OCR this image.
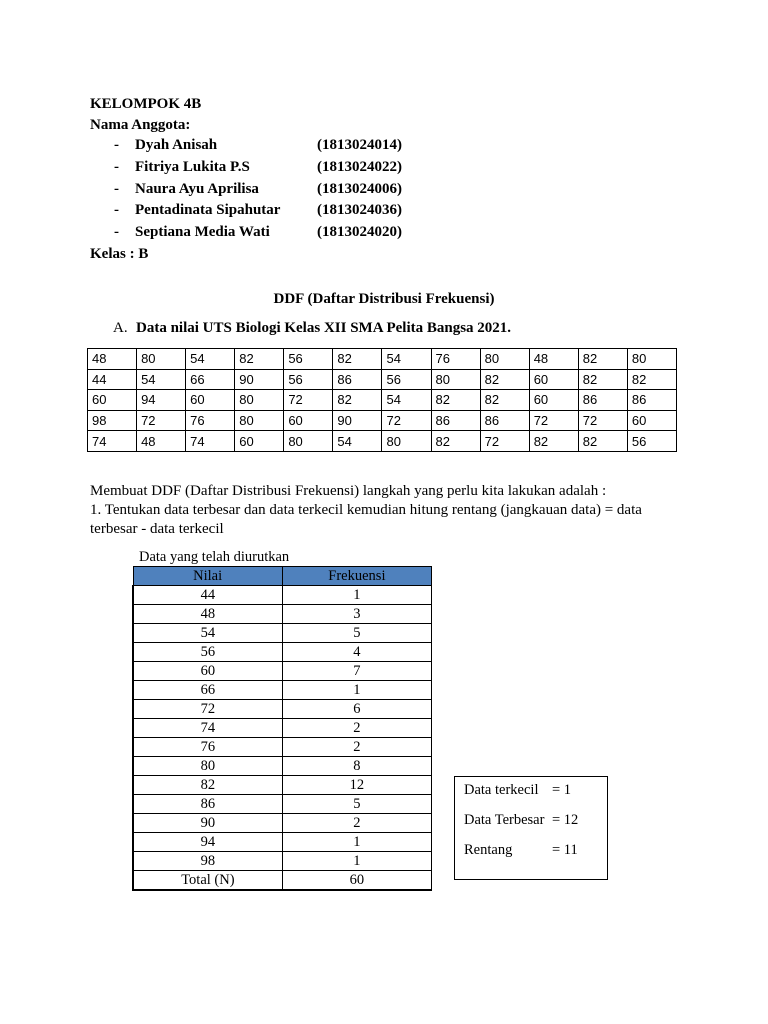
KELOMPOK 4B
Nama Anggota:
- Dyah Anisah	(1813024014)
- Fitriya Lukita P.S	(1813024022)
- Naura Ayu Aprilisa	(1813024006)
- Pentadinata Sipahutar (1813024036)
- Septiana Media Wati	(1813024020)
Kelas : B
DDF (Daftar Distribusi Frekuensi)
A. Data nilai UTS Biologi Kelas XII SMA Pelita Bangsa 2021.
48	80	54	82	56	82	54	76	80	48	82	80
44	54	66	90	56	86	56	80	82	60	82	82
60	94	60	80	72	82	54	82	82	60	86	86
98	72	76	80	60	90	72	86	86	72	72	60
74	48	74	60	80	54	80	82	72	82	82	56
Membuat DDF (Daftar Distribusi Frekuensi) langkah yang perlu kita lakukan adalah :
1. Tentukan data terbesar dan data terkecil kemudian hitung rentang (jangkauan data) = data
terbesar - data terkecil
Data yang telah diurutkan
Nilai	Frekuensi
44	1
48	3
54	5
56	4
60	7
66	1
72	6
74	2
76	2
80	8
82	12
86	5
90	2
94	1
98	1
Total (N)	60
Data terkecil = 1
Data Terbesar = 12
Rentang	= 11
